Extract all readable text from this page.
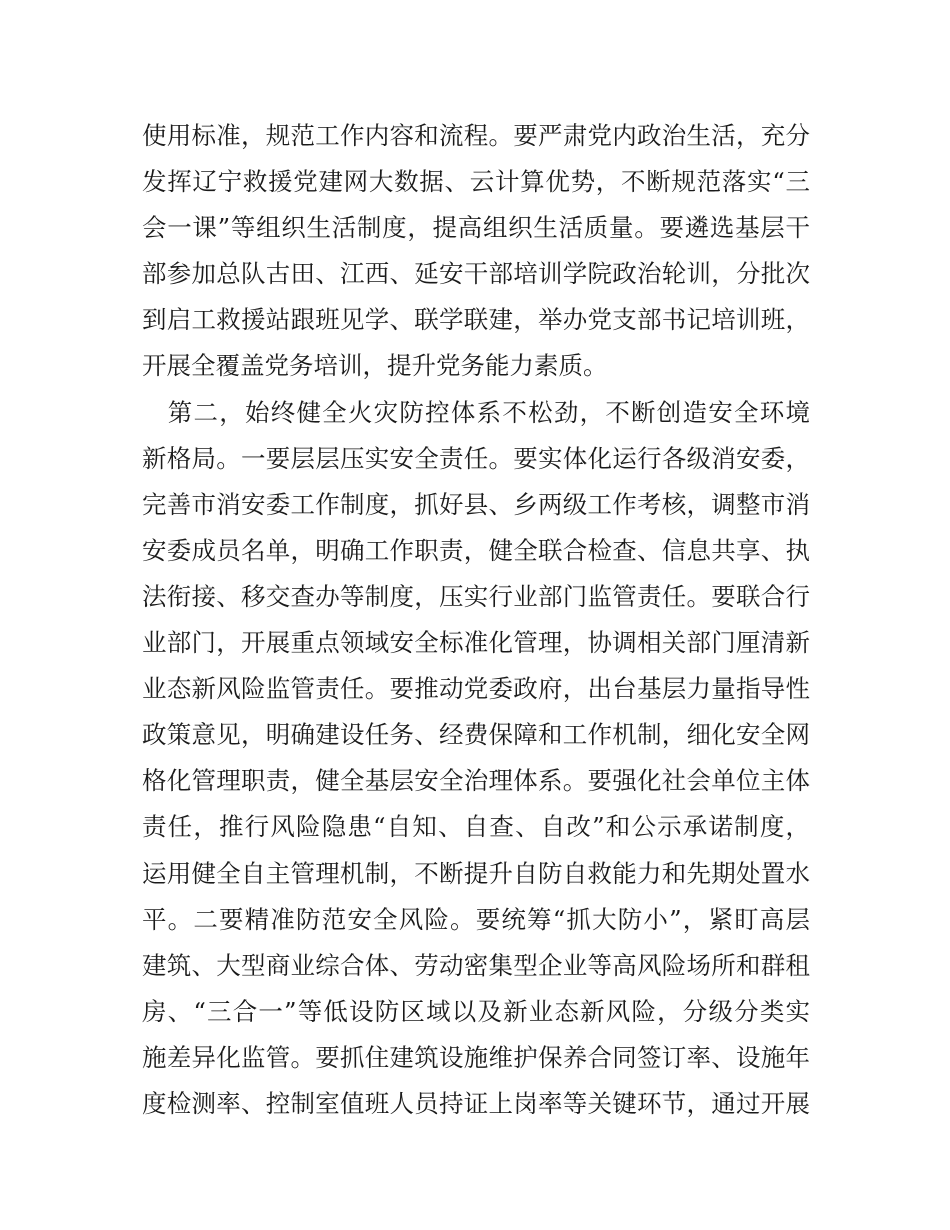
使用标准，规范工作内容和流程。要严肃党内政治生活，充分
发挥辽宁救援党建网大数据、云计算优势，不断规范落实“三
会一课”等组织生活制度，提高组织生活质量。要遴选基层干
部参加总队古田、江西、延安干部培训学院政治轮训，分批次
到启工救援站跟班见学、联学联建，举办党支部书记培训班，
开展全覆盖党务培训，提升党务能力素质。
　第二，始终健全火灾防控体系不松劲，不断创造安全环境
新格局。一要层层压实安全责任。要实体化运行各级消安委，
完善市消安委工作制度，抓好县、乡两级工作考核，调整市消
安委成员名单，明确工作职责，健全联合检查、信息共享、执
法衔接、移交查办等制度，压实行业部门监管责任。要联合行
业部门，开展重点领域安全标准化管理，协调相关部门厘清新
业态新风险监管责任。要推动党委政府，出台基层力量指导性
政策意见，明确建设任务、经费保障和工作机制，细化安全网
格化管理职责，健全基层安全治理体系。要强化社会单位主体
责任，推行风险隐患“自知、自查、自改”和公示承诺制度，
运用健全自主管理机制，不断提升自防自救能力和先期处置水
平。二要精准防范安全风险。要统筹“抓大防小”，紧盯高层
建筑、大型商业综合体、劳动密集型企业等高风险场所和群租
房、“三合一”等低设防区域以及新业态新风险，分级分类实
施差异化监管。要抓住建筑设施维护保养合同签订率、设施年
度检测率、控制室值班人员持证上岗率等关键环节，通过开展
